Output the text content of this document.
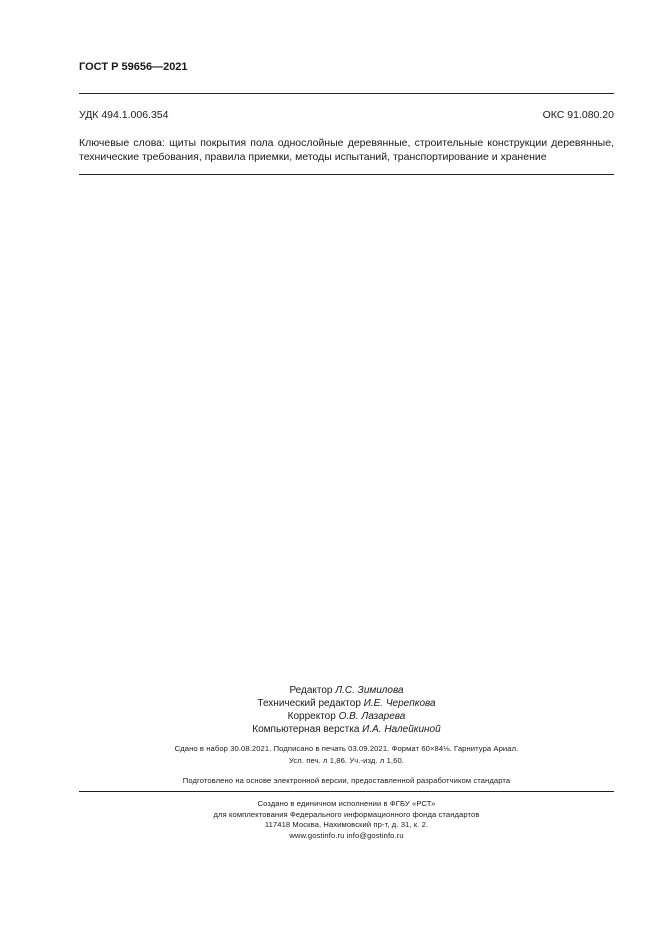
ГОСТ Р 59656—2021
УДК 494.1.006.354	ОКС 91.080.20
Ключевые слова: щиты покрытия пола однослойные деревянные, строительные конструкции деревянные, технические требования, правила приемки, методы испытаний, транспортирование и хранение
Редактор Л.С. Зимилова
Технический редактор И.Е. Черепкова
Корректор О.В. Лазарева
Компьютерная верстка И.А. Налейкиной
Сдано в набор 30.08.2021. Подписано в печать 03.09.2021. Формат 60×84⅛. Гарнитура Ариал.
Усл. печ. л 1,86. Уч.-изд. л 1,60.
Подготовлено на основе электронной версии, предоставленной разработчиком стандарта
Создано в единичном исполнении в ФГБУ «РСТ»
для комплектования Федерального информационного фонда стандартов
117418 Москва, Нахимовский пр-т, д. 31, к. 2.
www.gostinfo.ru info@gostinfo.ru
